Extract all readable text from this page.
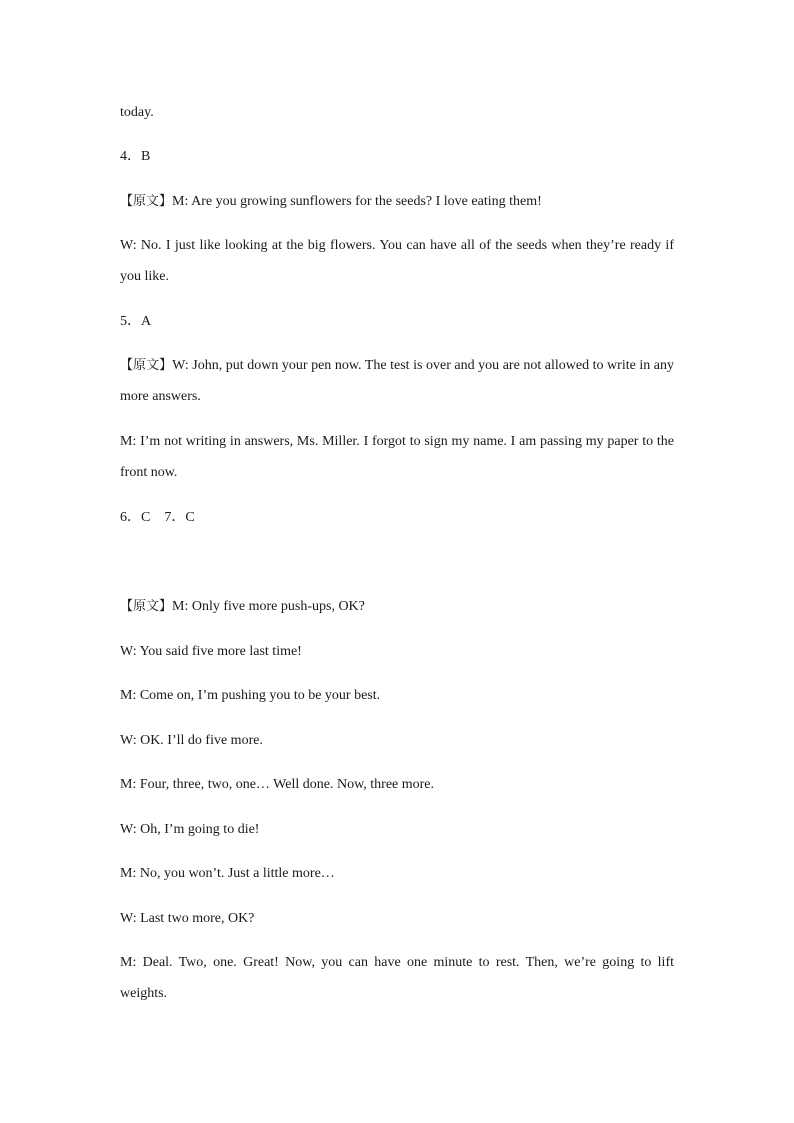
today.

4．B

【原文】M: Are you growing sunflowers for the seeds? I love eating them!

W: No. I just like looking at the big flowers. You can have all of the seeds when they’re ready if you like.

5．A

【原文】W: John, put down your pen now. The test is over and you are not allowed to write in any more answers.

M: I’m not writing in answers, Ms. Miller. I forgot to sign my name. I am passing my paper to the front now.

6．C    7．C

【原文】M: Only five more push-ups, OK?

W: You said five more last time!

M: Come on, I’m pushing you to be your best.

W: OK. I’ll do five more.

M: Four, three, two, one… Well done. Now, three more.

W: Oh, I’m going to die!

M: No, you won’t. Just a little more…

W: Last two more, OK?

M: Deal. Two, one. Great! Now, you can have one minute to rest. Then, we’re going to lift weights.
